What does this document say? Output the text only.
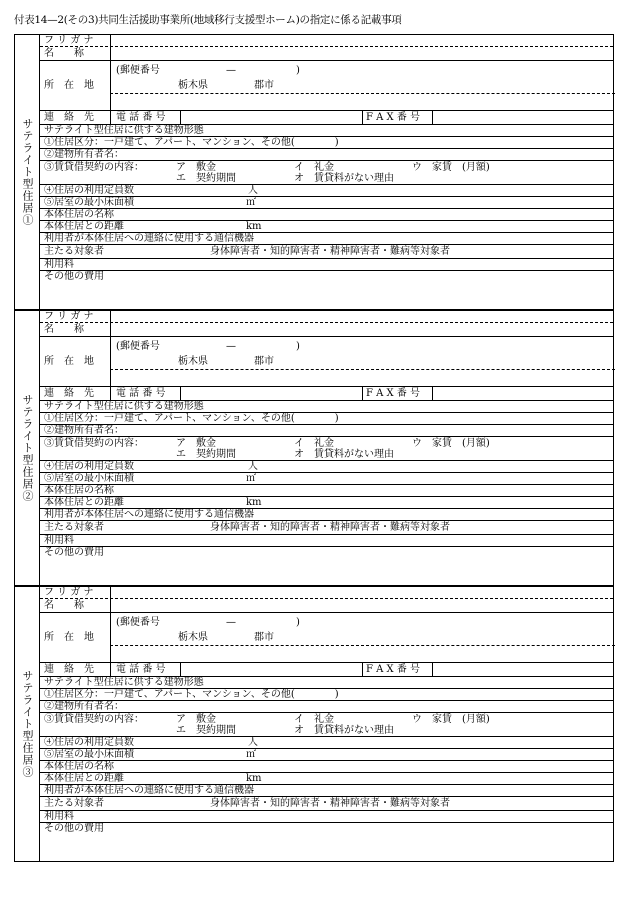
付表14—2(その3)共同生活援助事業所(地域移行支援型ホーム)の指定に係る記載事項
サテライト型住居①
フ リ ガ ナ
名　　称
所　在　地
(郵便番号	—	)
栃木県	郡市
連　絡　先 電 話 番 号	F A X 番 号
サテライト型住居に供する建物形態
①住居区分：一戸建て、アパート、マンション、その他(　　　　)
②建物所有者名：
③賃貸借契約の内容：	ア　敷金	イ　礼金	ウ　家賃　(月額)
エ　契約期間	オ　賃貸料がない理由
④住居の利用定員数	人
⑤居室の最小床面積	㎡
本体住居の名称
本体住居との距離	km
利用者が本体住居への連絡に使用する通信機器
主たる対象者	身体障害者・知的障害者・精神障害者・難病等対象者
利用料
その他の費用
サテライト型住居②
フ リ ガ ナ
名　　称
所　在　地
(郵便番号	—	)
栃木県	郡市
連　絡　先 電 話 番 号	F A X 番 号
サテライト型住居に供する建物形態
①住居区分：一戸建て、アパート、マンション、その他(　　　　)
②建物所有者名：
③賃貸借契約の内容：	ア　敷金	イ　礼金	ウ　家賃　(月額)
エ　契約期間	オ　賃貸料がない理由
④住居の利用定員数	人
⑤居室の最小床面積	㎡
本体住居の名称
本体住居との距離	km
利用者が本体住居への連絡に使用する通信機器
主たる対象者	身体障害者・知的障害者・精神障害者・難病等対象者
利用料
その他の費用
サテライト型住居③
フ リ ガ ナ
名　　称
所　在　地
(郵便番号	—	)
栃木県	郡市
連　絡　先 電 話 番 号	F A X 番 号
サテライト型住居に供する建物形態
①住居区分：一戸建て、アパート、マンション、その他(　　　　)
②建物所有者名：
③賃貸借契約の内容：	ア　敷金	イ　礼金	ウ　家賃　(月額)
エ　契約期間	オ　賃貸料がない理由
④住居の利用定員数	人
⑤居室の最小床面積	㎡
本体住居の名称
本体住居との距離	km
利用者が本体住居への連絡に使用する通信機器
主たる対象者	身体障害者・知的障害者・精神障害者・難病等対象者
利用料
その他の費用
